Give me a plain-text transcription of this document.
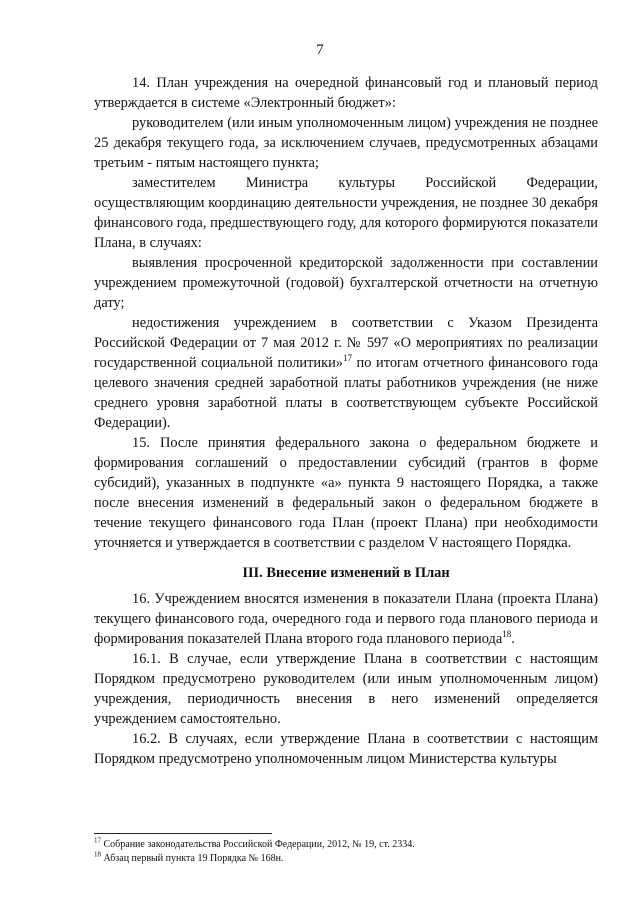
7

14. План учреждения на очередной финансовый год и плановый период утверждается в системе «Электронный бюджет»:

руководителем (или иным уполномоченным лицом) учреждения не позднее 25 декабря текущего года, за исключением случаев, предусмотренных абзацами третьим - пятым настоящего пункта;

заместителем Министра культуры Российской Федерации, осуществляющим координацию деятельности учреждения, не позднее 30 декабря финансового года, предшествующего году, для которого формируются показатели Плана, в случаях:

выявления просроченной кредиторской задолженности при составлении учреждением промежуточной (годовой) бухгалтерской отчетности на отчетную дату;

недостижения учреждением в соответствии с Указом Президента Российской Федерации от 7 мая 2012 г. № 597 «О мероприятиях по реализации государственной социальной политики»$^{17}$ по итогам отчетного финансового года целевого значения средней заработной платы работников учреждения (не ниже среднего уровня заработной платы в соответствующем субъекте Российской Федерации).

15. После принятия федерального закона о федеральном бюджете и формирования соглашений о предоставлении субсидий (грантов в форме субсидий), указанных в подпункте «а» пункта 9 настоящего Порядка, а также после внесения изменений в федеральный закон о федеральном бюджете в течение текущего финансового года План (проект Плана) при необходимости уточняется и утверждается в соответствии с разделом V настоящего Порядка.

III. Внесение изменений в План

16. Учреждением вносятся изменения в показатели Плана (проекта Плана) текущего финансового года, очередного года и первого года планового периода и формирования показателей Плана второго года планового периода$^{18}$.

16.1. В случае, если утверждение Плана в соответствии с настоящим Порядком предусмотрено руководителем (или иным уполномоченным лицом) учреждения, периодичность внесения в него изменений определяется учреждением самостоятельно.

16.2. В случаях, если утверждение Плана в соответствии с настоящим Порядком предусмотрено уполномоченным лицом Министерства культуры

$^{17}$ Собрание законодательства Российской Федерации, 2012, № 19, ст. 2334.
$^{18}$ Абзац первый пункта 19 Порядка № 168н.
